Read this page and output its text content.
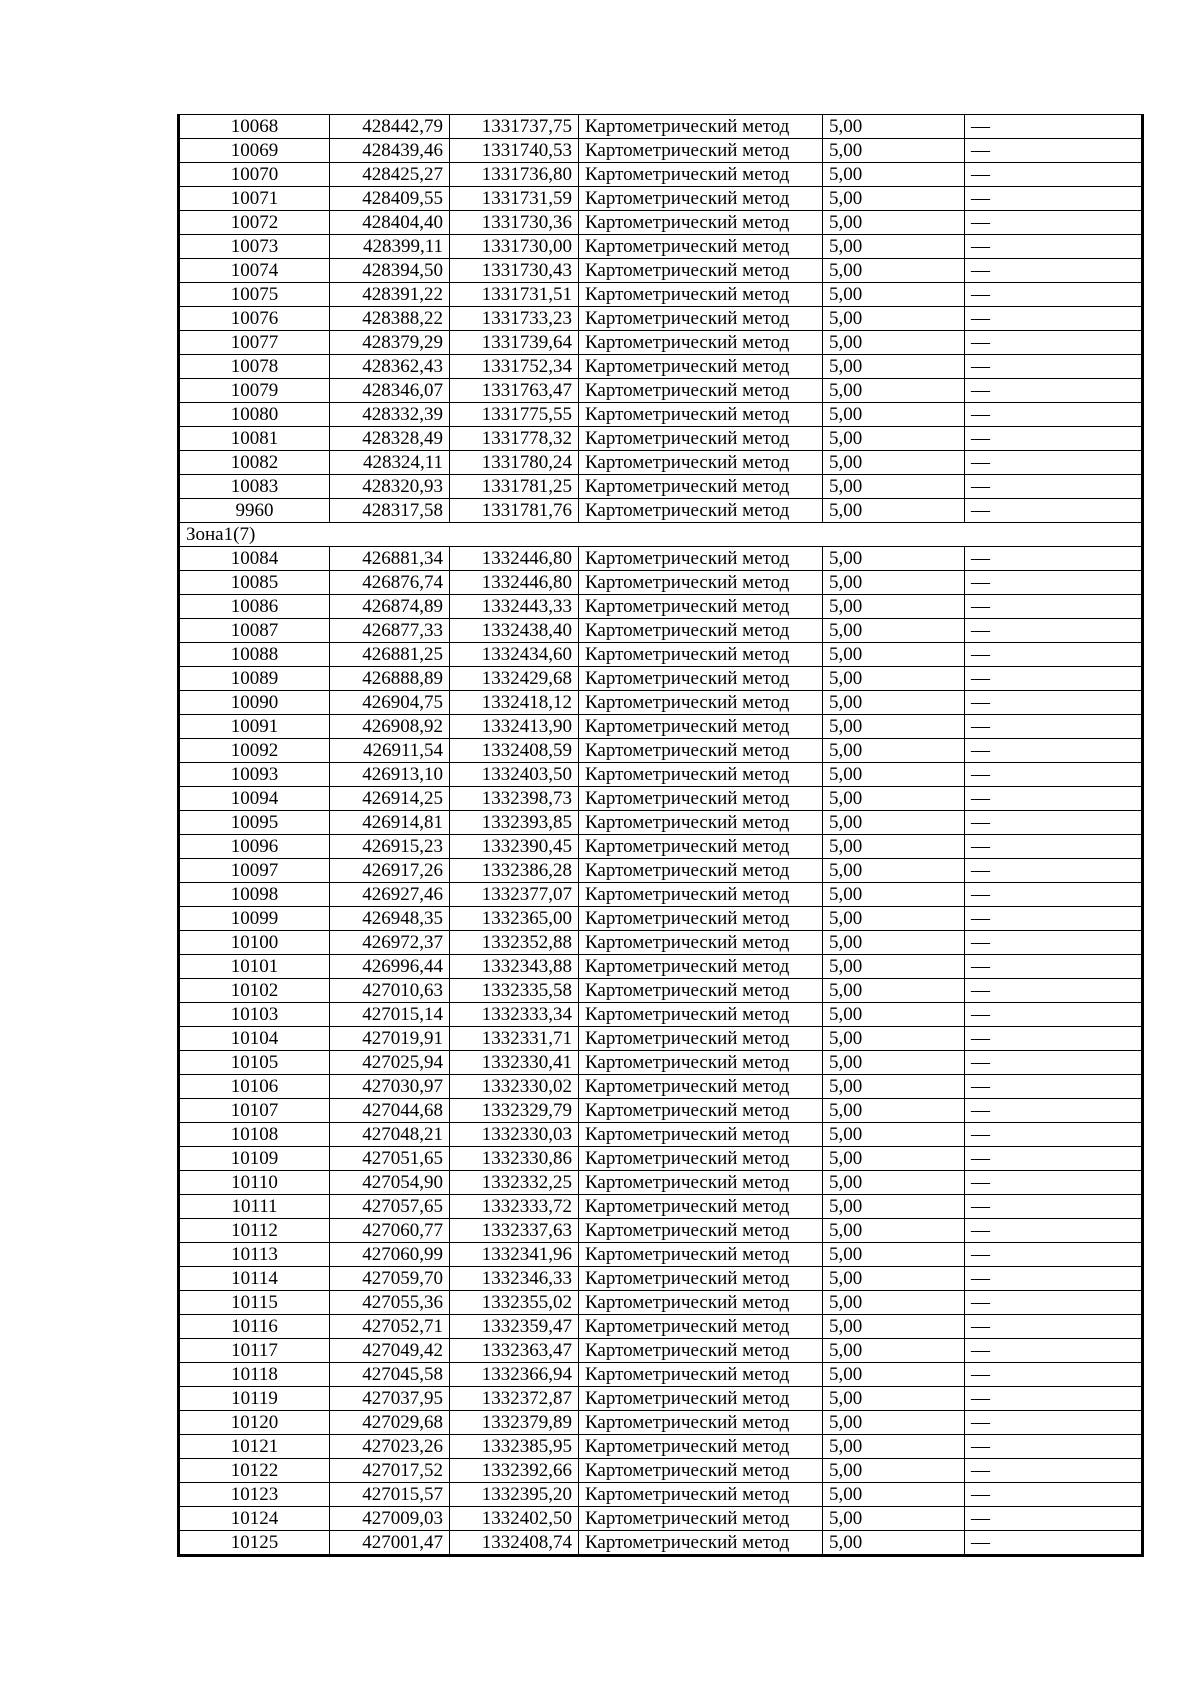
10068	428442,79	1331737,75	Картометрический метод	5,00	—
10069	428439,46	1331740,53	Картометрический метод	5,00	—
10070	428425,27	1331736,80	Картометрический метод	5,00	—
10071	428409,55	1331731,59	Картометрический метод	5,00	—
10072	428404,40	1331730,36	Картометрический метод	5,00	—
10073	428399,11	1331730,00	Картометрический метод	5,00	—
10074	428394,50	1331730,43	Картометрический метод	5,00	—
10075	428391,22	1331731,51	Картометрический метод	5,00	—
10076	428388,22	1331733,23	Картометрический метод	5,00	—
10077	428379,29	1331739,64	Картометрический метод	5,00	—
10078	428362,43	1331752,34	Картометрический метод	5,00	—
10079	428346,07	1331763,47	Картометрический метод	5,00	—
10080	428332,39	1331775,55	Картометрический метод	5,00	—
10081	428328,49	1331778,32	Картометрический метод	5,00	—
10082	428324,11	1331780,24	Картометрический метод	5,00	—
10083	428320,93	1331781,25	Картометрический метод	5,00	—
9960	428317,58	1331781,76	Картометрический метод	5,00	—
Зона1(7)					
10084	426881,34	1332446,80	Картометрический метод	5,00	—
10085	426876,74	1332446,80	Картометрический метод	5,00	—
10086	426874,89	1332443,33	Картометрический метод	5,00	—
10087	426877,33	1332438,40	Картометрический метод	5,00	—
10088	426881,25	1332434,60	Картометрический метод	5,00	—
10089	426888,89	1332429,68	Картометрический метод	5,00	—
10090	426904,75	1332418,12	Картометрический метод	5,00	—
10091	426908,92	1332413,90	Картометрический метод	5,00	—
10092	426911,54	1332408,59	Картометрический метод	5,00	—
10093	426913,10	1332403,50	Картометрический метод	5,00	—
10094	426914,25	1332398,73	Картометрический метод	5,00	—
10095	426914,81	1332393,85	Картометрический метод	5,00	—
10096	426915,23	1332390,45	Картометрический метод	5,00	—
10097	426917,26	1332386,28	Картометрический метод	5,00	—
10098	426927,46	1332377,07	Картометрический метод	5,00	—
10099	426948,35	1332365,00	Картометрический метод	5,00	—
10100	426972,37	1332352,88	Картометрический метод	5,00	—
10101	426996,44	1332343,88	Картометрический метод	5,00	—
10102	427010,63	1332335,58	Картометрический метод	5,00	—
10103	427015,14	1332333,34	Картометрический метод	5,00	—
10104	427019,91	1332331,71	Картометрический метод	5,00	—
10105	427025,94	1332330,41	Картометрический метод	5,00	—
10106	427030,97	1332330,02	Картометрический метод	5,00	—
10107	427044,68	1332329,79	Картометрический метод	5,00	—
10108	427048,21	1332330,03	Картометрический метод	5,00	—
10109	427051,65	1332330,86	Картометрический метод	5,00	—
10110	427054,90	1332332,25	Картометрический метод	5,00	—
10111	427057,65	1332333,72	Картометрический метод	5,00	—
10112	427060,77	1332337,63	Картометрический метод	5,00	—
10113	427060,99	1332341,96	Картометрический метод	5,00	—
10114	427059,70	1332346,33	Картометрический метод	5,00	—
10115	427055,36	1332355,02	Картометрический метод	5,00	—
10116	427052,71	1332359,47	Картометрический метод	5,00	—
10117	427049,42	1332363,47	Картометрический метод	5,00	—
10118	427045,58	1332366,94	Картометрический метод	5,00	—
10119	427037,95	1332372,87	Картометрический метод	5,00	—
10120	427029,68	1332379,89	Картометрический метод	5,00	—
10121	427023,26	1332385,95	Картометрический метод	5,00	—
10122	427017,52	1332392,66	Картометрический метод	5,00	—
10123	427015,57	1332395,20	Картометрический метод	5,00	—
10124	427009,03	1332402,50	Картометрический метод	5,00	—
10125	427001,47	1332408,74	Картометрический метод	5,00	—
